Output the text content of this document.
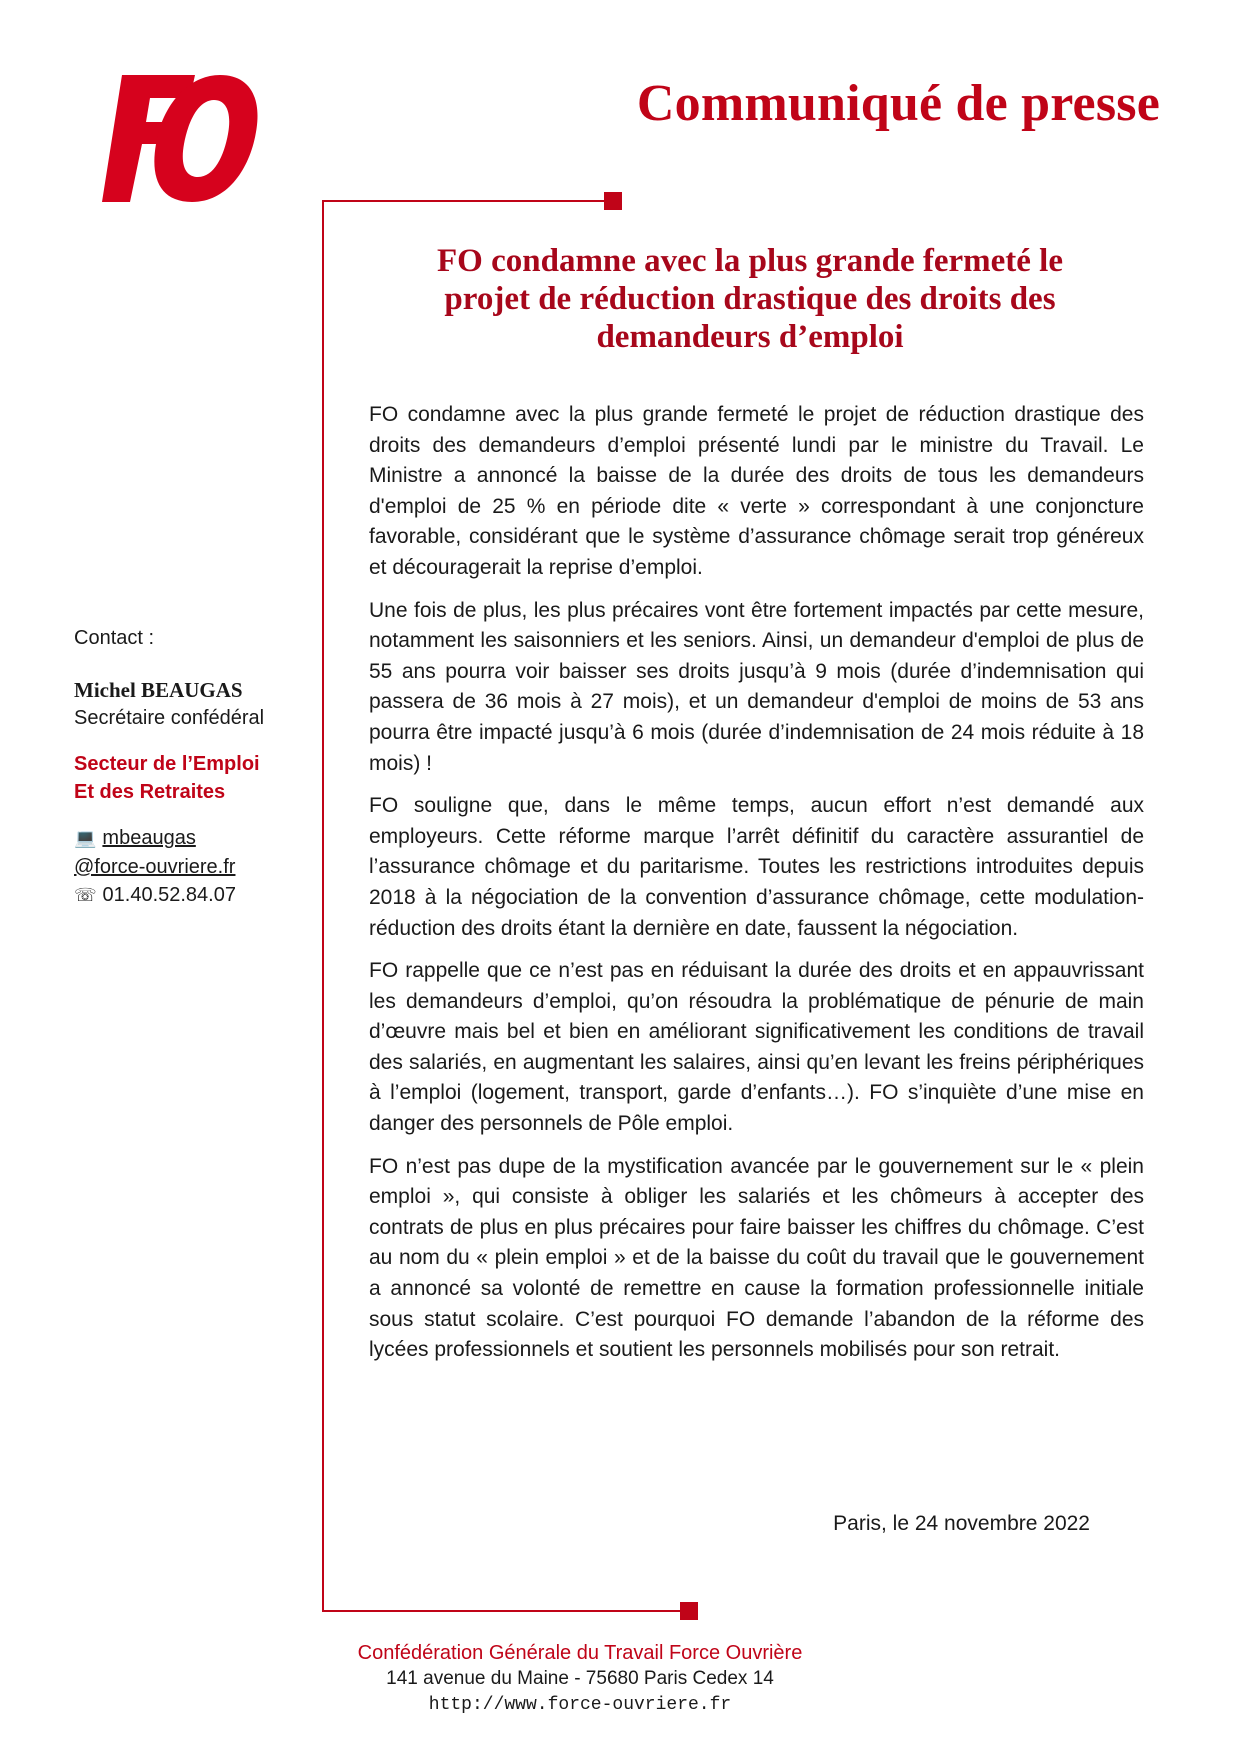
Communiqué de presse
FO condamne avec la plus grande fermeté le
projet de réduction drastique des droits des
demandeurs d’emploi

FO condamne avec la plus grande fermeté le projet de réduction drastique des droits des demandeurs d’emploi présenté lundi par le ministre du Travail. Le Ministre a annoncé la baisse de la durée des droits de tous les demandeurs d'emploi de 25 % en période dite « verte » correspondant à une conjoncture favorable, considérant que le système d’assurance chômage serait trop généreux et découragerait la reprise d’emploi.

Une fois de plus, les plus précaires vont être fortement impactés par cette mesure, notamment les saisonniers et les seniors. Ainsi, un demandeur d'emploi de plus de 55 ans pourra voir baisser ses droits jusqu’à 9 mois (durée d’indemnisation qui passera de 36 mois à 27 mois), et un demandeur d'emploi de moins de 53 ans pourra être impacté jusqu’à 6 mois (durée d’indemnisation de 24 mois réduite à 18 mois) !

FO souligne que, dans le même temps, aucun effort n’est demandé aux employeurs. Cette réforme marque l’arrêt définitif du caractère assurantiel de l’assurance chômage et du paritarisme. Toutes les restrictions introduites depuis 2018 à la négociation de la convention d’assurance chômage, cette modulation-réduction des droits étant la dernière en date, faussent la négociation.

FO rappelle que ce n’est pas en réduisant la durée des droits et en appauvrissant les demandeurs d’emploi, qu’on résoudra la problématique de pénurie de main d’œuvre mais bel et bien en améliorant significativement les conditions de travail des salariés, en augmentant les salaires, ainsi qu’en levant les freins périphériques à l’emploi (logement, transport, garde d’enfants…). FO s’inquiète d’une mise en danger des personnels de Pôle emploi.

FO n’est pas dupe de la mystification avancée par le gouvernement sur le « plein emploi », qui consiste à obliger les salariés et les chômeurs à accepter des contrats de plus en plus précaires pour faire baisser les chiffres du chômage. C’est au nom du « plein emploi » et de la baisse du coût du travail que le gouvernement a annoncé sa volonté de remettre en cause la formation professionnelle initiale sous statut scolaire. C’est pourquoi FO demande l’abandon de la réforme des lycées professionnels et soutient les personnels mobilisés pour son retrait.

Paris, le 24 novembre 2022

Contact :

Michel BEAUGAS

Secrétaire confédéral

Secteur de l’Emploi
Et des Retraites

💻 mbeaugas
@force-ouvriere.fr
☏ 01.40.52.84.07
Confédération Générale du Travail Force Ouvrière
141 avenue du Maine - 75680 Paris Cedex 14
http://www.force-ouvriere.fr
